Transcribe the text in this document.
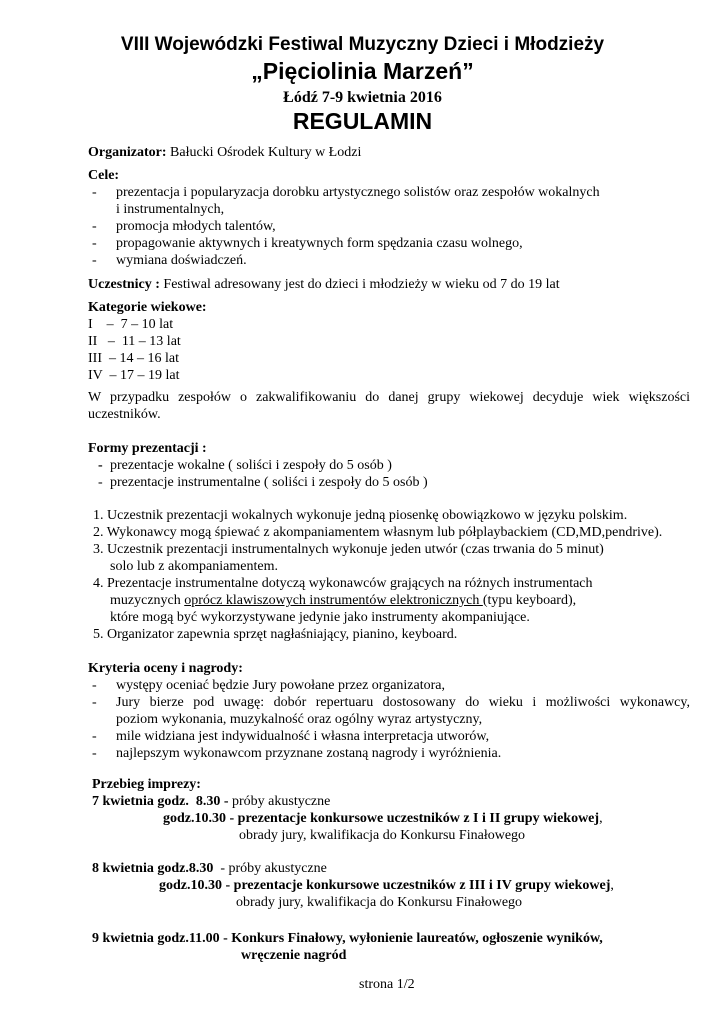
VIII Wojewódzki Festiwal Muzyczny Dzieci i Młodzieży
„Pięciolinia Marzeń”
Łódź 7-9 kwietnia 2016
REGULAMIN
Organizator: Bałucki Ośrodek Kultury w Łodzi
Cele:
- prezentacja i popularyzacja dorobku artystycznego solistów oraz zespołów wokalnych
i instrumentalnych,
- promocja młodych talentów,
- propagowanie aktywnych i kreatywnych form spędzania czasu wolnego,
- wymiana doświadczeń.
Uczestnicy : Festiwal adresowany jest do dzieci i młodzieży w wieku od 7 do 19 lat
Kategorie wiekowe:
I    –  7 – 10 lat
II   –  11 – 13 lat
III  – 14 – 16 lat
IV  – 17 – 19 lat
W przypadku zespołów o zakwalifikowaniu do danej grupy wiekowej decyduje wiek większości uczestników.
Formy prezentacji :
- prezentacje wokalne ( soliści i zespoły do 5 osób )
- prezentacje instrumentalne ( soliści i zespoły do 5 osób )
1. Uczestnik prezentacji wokalnych wykonuje jedną piosenkę obowiązkowo w języku polskim.
2. Wykonawcy mogą śpiewać z akompaniamentem własnym lub półplaybackiem (CD,MD,pendrive).
3. Uczestnik prezentacji instrumentalnych wykonuje jeden utwór (czas trwania do 5 minut)
solo lub z akompaniamentem.
4. Prezentacje instrumentalne dotyczą wykonawców grających na różnych instrumentach
muzycznych oprócz klawiszowych instrumentów elektronicznych (typu keyboard),
które mogą być wykorzystywane jedynie jako instrumenty akompaniujące.
5. Organizator zapewnia sprzęt nagłaśniający, pianino, keyboard.
Kryteria oceny i nagrody:
- występy oceniać będzie Jury powołane przez organizatora,
- Jury bierze pod uwagę: dobór repertuaru dostosowany do wieku i możliwości wykonawcy,
poziom wykonania, muzykalność oraz ogólny wyraz artystyczny,
- mile widziana jest indywidualność i własna interpretacja utworów,
- najlepszym wykonawcom przyznane zostaną nagrody i wyróżnienia.
Przebieg imprezy:
7 kwietnia godz.  8.30 - próby akustyczne
godz.10.30 - prezentacje konkursowe uczestników z I i II grupy wiekowej,
obrady jury, kwalifikacja do Konkursu Finałowego
8 kwietnia godz.8.30  - próby akustyczne
godz.10.30 - prezentacje konkursowe uczestników z III i IV grupy wiekowej,
obrady jury, kwalifikacja do Konkursu Finałowego
9 kwietnia godz.11.00 - Konkurs Finałowy, wyłonienie laureatów, ogłoszenie wyników,
wręczenie nagród
strona 1/2
